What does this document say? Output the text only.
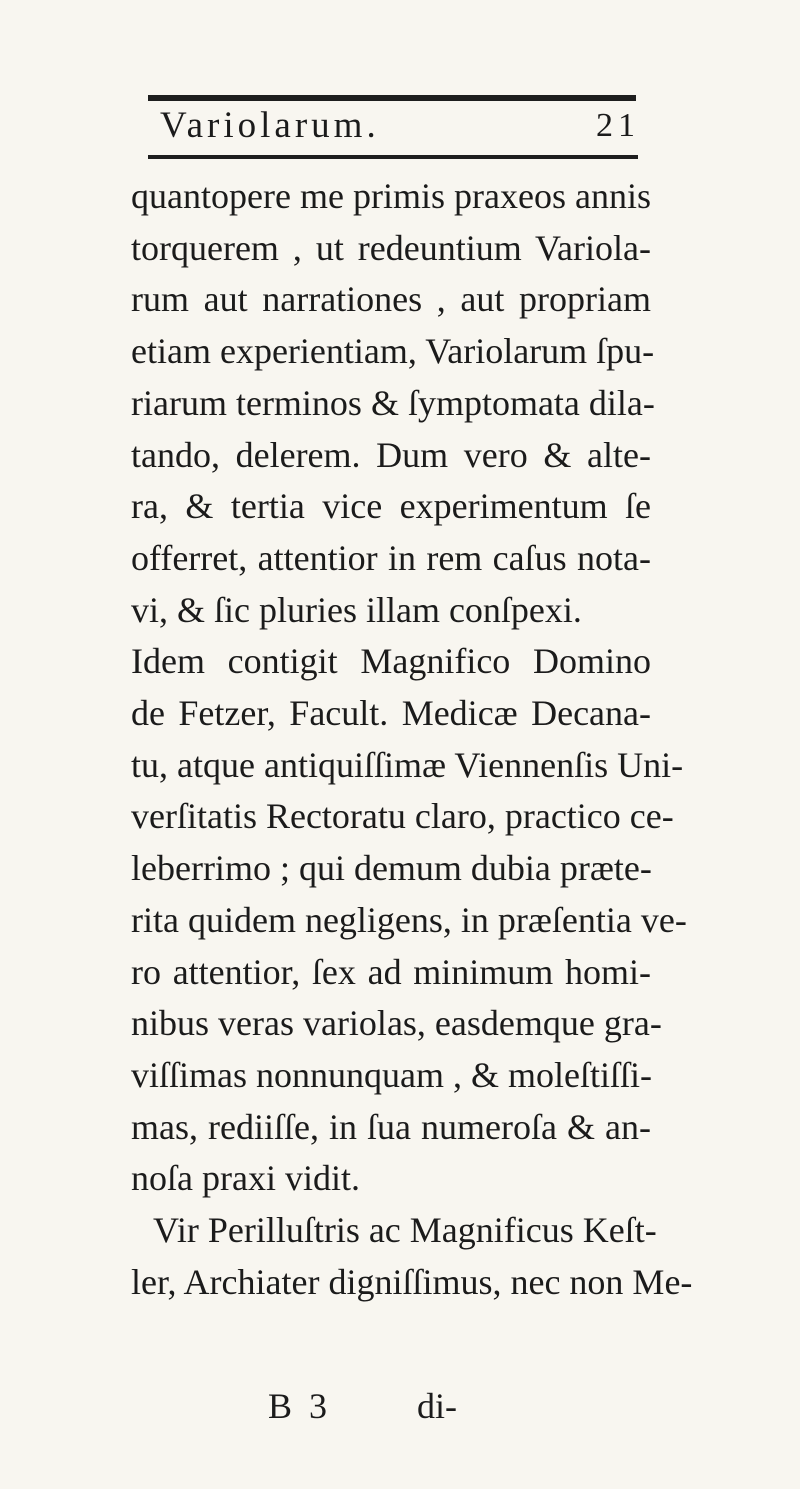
Variolarum.	21
quantopere me primis praxeos annis
torquerem , ut redeuntium Variola-
rum aut narrationes , aut propriam
etiam experientiam, Variolarum ſpu-
riarum terminos & ſymptomata dila-
tando, delerem. Dum vero & alte-
ra, & tertia vice experimentum ſe
offerret, attentior in rem caſus nota-
vi, & ſic pluries illam conſpexi.
Idem contigit Magnifico Domino
de Fetzer, Facult. Medicæ Decana-
tu, atque antiquiſſimæ Viennenſis Uni-
verſitatis Rectoratu claro, practico ce-
leberrimo ; qui demum dubia præte-
rita quidem negligens, in præſentia ve-
ro attentior, ſex ad minimum homi-
nibus veras variolas, easdemque gra-
viſſimas nonnunquam , & moleſtiſſi-
mas, rediiſſe, in ſua numeroſa & an-
noſa praxi vidit.
Vir Perilluſtris ac Magnificus Keſt-
ler, Archiater digniſſimus, nec non Me-
B 3 di-
